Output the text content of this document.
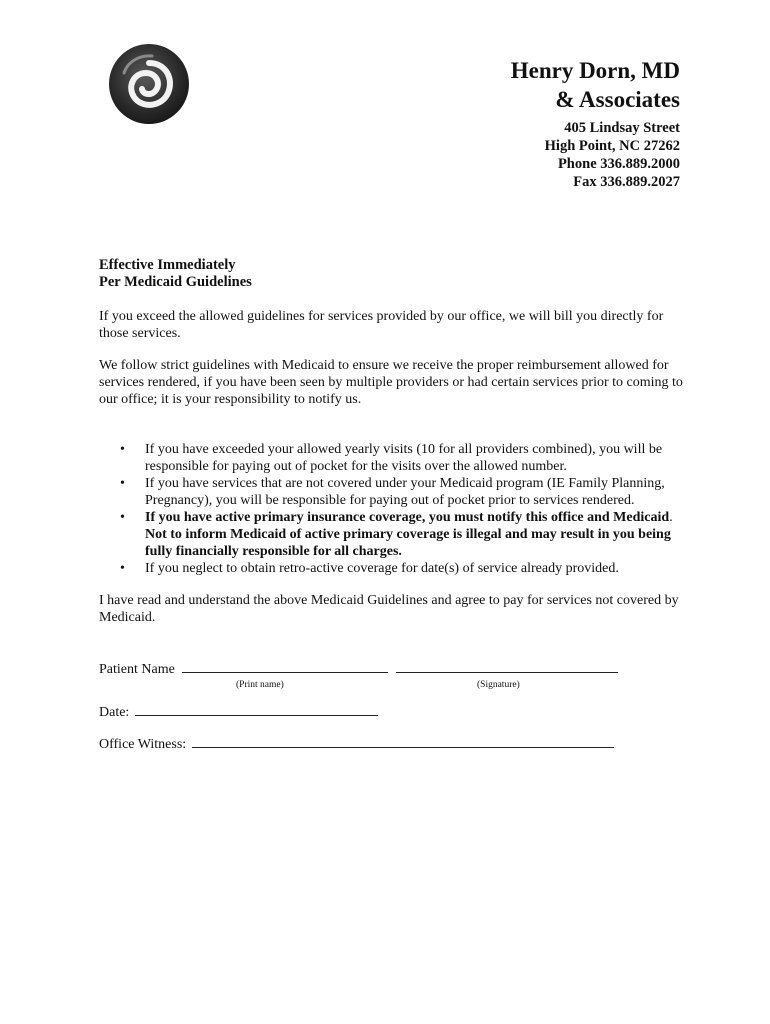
Henry Dorn, MD

& Associates

405 Lindsay Street

High Point, NC 27262

Phone 336.889.2000

Fax 336.889.2027

Effective Immediately

Per Medicaid Guidelines

If you exceed the allowed guidelines for services provided by our office, we will bill you directly for those services.

We follow strict guidelines with Medicaid to ensure we receive the proper reimbursement allowed for services rendered, if you have been seen by multiple providers or had certain services prior to coming to our office; it is your responsibility to notify us.

• If you have exceeded your allowed yearly visits (10 for all providers combined), you will be responsible for paying out of pocket for the visits over the allowed number.
• If you have services that are not covered under your Medicaid program (IE Family Planning, Pregnancy), you will be responsible for paying out of pocket prior to services rendered.
• If you have active primary insurance coverage, you must notify this office and Medicaid. Not to inform Medicaid of active primary coverage is illegal and may result in you being fully financially responsible for all charges.
• If you neglect to obtain retro-active coverage for date(s) of service already provided.

I have read and understand the above Medicaid Guidelines and agree to pay for services not covered by Medicaid.

Patient Name
(Print name)	(Signature)
Date:
Office Witness:
